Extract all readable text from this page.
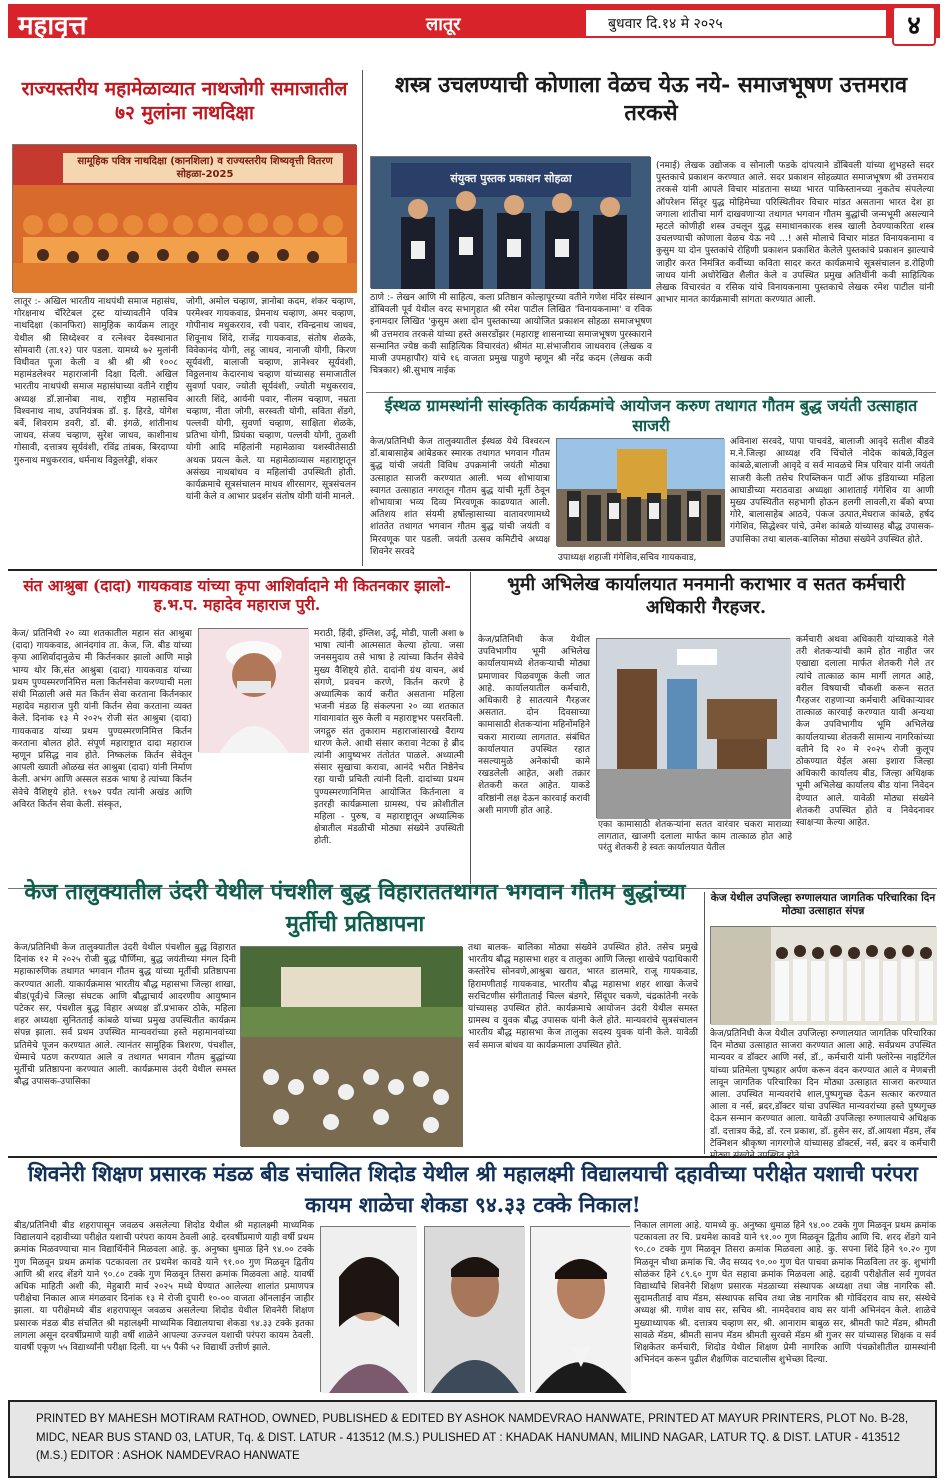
महावृत्त	लातूर	बुधवार दि.१४ मे २०२५	४
राज्यस्तरीय महामेळाव्यात नाथजोगी समाजातील ७२ मुलांना नाथदिक्षा
सामूहिक पवित्र नाथदिक्षा (कानशिला) व राज्यस्तरीय शिष्यवृत्ती वितरण सोहळा-2025
लातूर :- अखिल भारतीय नाथपंथी समाज महासंघ, गोरक्षनाथ चॅरिटेबल ट्रस्ट यांच्यावतीने पवित्र नाथदिक्षा (कानफिरा) सामुहिक कार्यक्रम लातूर येथील श्री सिध्देश्वर व रत्नेश्वर देवस्थानात सोमवारी (ता.१२) पार पडला. यामध्ये ७२ मुलांनी विधीवत पूजा केली व श्री श्री श्री १००८ महामंडलेश्वर महाराजांनी दिक्षा दिली. अखिल भारतीय नाथपंथी समाज महासंघाच्या वतीने राष्ट्रीय अध्यक्ष डॉ.ज्ञानोबा नाथ, राष्ट्रीय महासचिव विश्वनाथ नाथ, उपनियंत्रक डॉ. इ. हिरडे, योगेश बर्वे, शिवराम डवरी, डॉ. बी. इंगळे, शांतीनाथ जाधव, संजय चव्हाण, सुरेश जाधव, काशीनाथ गोसावी, दत्तात्रय सूर्यवंशी, रविंद्र तांबक, बिरदाप्पा गुरुनाथ मधुकरराव, धर्मनाथ विठ्ठलरेड्डी, शंकर
जोगी, अमोल चव्हाण, ज्ञानोबा कदम, शंकर चव्हाण, परमेश्वर गायकवाड, प्रेमनाथ चव्हाण, अमर चव्हाण, गोपीनाथ मधुकरराव, रवी पवार, रविन्द्रनाथ जाधव, शिवूनाथ शिंदे, राजेंद्र गायकवाड, संतोष शेळके, विवेकानंद योगी, लहू जाधव, नानाजी योगी, किरण सूर्यवंशी, बालाजी चव्हाण, ज्ञानेश्वर सूर्यवंशी, विठ्ठलनाथ केदारनाथ चव्हाण यांच्यासह समाजातील सुवर्णा पवार, ज्योती सूर्यवंशी, ज्योती मधुकरराव, आरती शिंदे, आर्यनी पवार, नीलम चव्हाण, नम्रता चव्हाण, नीता जोगी, सरस्वती योगी, सविता शेंडगे, पल्लवी योगी, सुवर्णा चव्हाण, साक्षिता शेळके, प्रतिभा योगी, प्रियंका चव्हाण, पल्लवी योगी, तुळशी योगी आदि महिलांनी महामेळावा यशस्वीतेसाठी अथक प्रयत्न केले. या महामेळाव्यास महाराष्ट्रातून असंख्य नाथबांधव व महिलांची उपस्थिती होती. कार्यक्रमाचे सूत्रसंचालन माधव शीरसागर, सूत्रसंचलन यांनी केले व आभार प्रदर्शन संतोष योगी यांनी मानले.
शस्त्र उचलण्याची कोणाला वेळच येऊ नये- समाजभूषण उत्तमराव तरकसे
संयुक्त पुस्तक प्रकाशन सोहळा
ठाणे :- लेखन आणि मी साहित्य, कला प्रतिष्ठान कोल्हापूरच्या वतीने गणेश मंदिर संस्थान डोंबिवली पूर्व येथील वरद सभागृहात श्री रमेश पाटील लिखित 'विनायकनामा' व रविक इनामदार लिखित 'कुसुम अशा दोन पुस्तकाच्या आयोजित प्रकाशन सोहळा समाजभूषण श्री उत्तमराव तरकसे यांच्या हस्ते असरडोंझर (महाराष्ट्र शासनाच्या समाजभूषण पुरस्काराने सन्मानित ज्येष्ठ कवी साहित्यिक विचारवंत) श्रीमंत मा.संभाजीराव जाधवराव (लेखक व माजी उपमहापौर) यांचे १६ वाजता प्रमुख पाहुणे म्हणून श्री नरेंद्र कदम (लेखक कवी चित्रकार) श्री.सुभाष नाईक
(नमाई) लेखक उद्योजक व सोनाली फडके दांपत्याने डोंबिवली यांच्या शुभहस्ते सदर पुस्तकाचे प्रकाशन करण्यात आले. सदर प्रकाशन सोहळ्यात समाजभूषण श्री उत्तमराव तरकसे यांनी आपले विचार मांडताना सध्या भारत पाकिस्तानच्या नुकतेच संपलेल्या ऑपरेशन सिंदूर युद्ध मोहिमेच्या परिस्थितीवर विचार मांडत असताना भारत देश हा जगाला शांतीचा मार्ग दाखवणाऱ्या तथागत भगवान गौतम बुद्धांची जन्मभूमी असल्याने म्हटले कोणीही शस्त्र उचलून युद्ध समाधानकारक शस्त्र खाली ठेवण्याकरिता शस्त्र उचलण्याची कोणाला वेळच येऊ नये ...! असे मोलाचे विचार मांडत विनायकनामा व कुसुम या दोन पुस्तकांचे रोहिणी प्रकाशन प्रकाशित केलेले पुस्तकांचे प्रकाशन झाल्याचे जाहीर करत निमंत्रित कवींच्या कविता सादर करत कार्यक्रमाचे सूत्रसंचालन ड.रोहिणी जाधव यांनी अधोरेखित शैलीत केले व उपस्थित प्रमुख अतिथींनी कवी साहित्यिक लेखक विचारवंत व रसिक यांचे विनायकनामा पुस्तकाचे लेखक रमेश पाटील यांनी आभार मानत कार्यक्रमाची सांगता करण्यात आली.
ईस्थळ ग्रामस्थांनी सांस्कृतिक कार्यक्रमांचे आयोजन करुण तथागत गौतम बुद्ध जयंती उत्साहात साजरी
केज/प्रतिनिधी केज तालुक्यातील ईस्थळ येथे विश्वरत्न डॉ.बाबासाहेब आंबेडकर स्मारक तथागत भगवान गौतम बुद्ध यांची जयंती विविध उपक्रमांनी जयंती मोठ्या उत्साहात साजरी करण्यात आली. भव्य शोभायात्रा स्वागत उत्साहात नगरातून गौतम बुद्ध यांची मूर्ती ठेवून शोभायात्रा भव्य दिव्य मिरवणूक काढण्यात आली. अतिशय शांत संयमी हर्षोल्हासाच्या वातावरणामध्ये शांततेत तथागत भगवान गौतम बुद्ध यांची जयंती व मिरवणूक पार पडली. जयंती उत्सव कमिटीचे अध्यक्ष शिवनेर सरवदे
उपाध्यक्ष शहाजी गंगेशिव,सचिव गायकवाड,
अविनाश सरवदे, पापा पाचवंडे, बालाजी आवृदे सतीश बीडवे म.ने.जिल्हा आध्यक्ष रवि चिंचोले नोदेक कांबळे,विठ्ठल कांबळे,बालाजी आवृदे व सर्व मावळचे मित्र परिवार यांनी जयंती साजरी केली तसेच रिपब्लिकन पार्टी ऑफ इंडियाच्या महिला आघाडीच्या मराठवाडा अध्यक्षा आशाताई गंगेशिव या आणी मुख्य उपस्थितीत सहभागी होऊन हलगी लावली,रा बँको बप्पा गोरे, बालासाहेब आठवे, पंकज उत्पात,मेघराज कांबळे, हर्षद गंगेशिव, सिद्धेश्वर पांचे, उमेश कांबळे यांच्यासह बौद्ध उपासक- उपासिका तथा बालक-बालिका मोठ्या संख्येने उपस्थित होते.
संत आश्रुबा (दादा) गायकवाड यांच्या कृपा आशिर्वादाने मी कितनकार झालो-ह.भ.प. महादेव महाराज पुरी.
केज/ प्रतिनिधी २० व्या शतकातील महान संत आश्रुबा (दादा) गायकवाड, आनंदगांव ता. केज, जि. बीड यांच्या कृपा आशिर्वादानुळेच मी किर्तनकार झालो आणि माझे भाग्य थोर कि,संत आश्रुबा (दादा) गायकवाड यांच्या प्रथम पुण्यस्मरणनिमित्त मला किर्तनसेवा करण्याची मला संधी मिळाली असे मत किर्तन सेवा करताना किर्तनकार महादेव महाराज पुरी यांनी किर्तन सेवा करताना व्यक्त केले. दिनांक १३ मे २०२५ रोजी संत आश्रुबा (दादा) गायकवाड यांच्या प्रथम पुण्यस्मरणनिमित्त किर्तन करताना बोलत होते. संपूर्ण महाराष्ट्रात दादा महाराज म्हणून प्रसिद्ध नाव होते. निष्कलंक किर्तन सेवेतून आपली ख्याती ओळख संत आश्रुबा (दादा) यांनी निर्माण केली. अभंग आणि अस्सल सडक भाषा हे त्यांच्या किर्तन सेवेचे वैशिष्ट्ये होते. १९७२ पर्यंत त्यांनी अखंड आणि अविरत किर्तन सेवा केली. संस्कृत,
मराठी, हिंदी, इंग्लिश, उर्दू, मोडी, पाली अशा ७ भाषा त्यांनी आत्मसात केल्या होत्या. जसा जनसमुदाय तसे भाषा हे त्यांच्या किर्तन सेवेचे मुख्य वैशिष्ट्ये होते. दादांनी ग्रंथ वाचन, अर्थ संगणे, प्रवचन करणे, किर्तन करणे हे अध्यात्मिक कार्य करीत असताना महिला भजनी मंडळ हि संकल्पना २० व्या शतकात गांवागावांत सुरु केली व महाराष्ट्रभर पसरविली. जगद्गुरु संत तुकाराम महाराजांसारखे वैराग्य धारण केले. आधी संसार करावा नेटका हे ब्रीद त्यांनी आयुष्यभर तंतोतंत पाळले. अध्यात्मी संसार सुखाचा करावा, आनंदे भरीत निष्ठेनेच रहा याची प्रचिती त्यांनी दिली. दादांच्या प्रथम पुण्यस्मरणानिमित्त आयोजित किर्तनाला व इतरही कार्यक्रमाला ग्रामस्थ, पंच क्रोशीतील महिला - पुरुष, व महाराष्ट्रातून अध्यात्मिक क्षेत्रातील मंडळीची मोठ्या संख्येने उपस्थिती होती.
भुमी अभिलेख कार्यालयात मनमानी कराभार व सतत कर्मचारी अधिकारी गैरहजर.
केज/प्रतिनिधी केज येथील उपविभागीय भूमी अभिलेख कार्यालयामध्ये शेतकऱ्याची मोठ्या प्रमाणावर पिळवणूक केली जात आहे. कार्यालयातील कर्मचारी, अधिकारी हे सातत्याने गैरहजर असतात. दोन दिवसाच्या कामासाठी शेतकऱ्यांना महिनोंमहिने चकरा माराव्या लागतात. संबंधित कार्यालयात उपस्थित रहात नसल्यामुळे अनेकांची कामे रखडलेली आहेत, अशी तक्रार शेतकरी करत आहेत. याकडे वरिष्ठांनी लक्ष देऊन कारवाई करावी अशी मागणी होत आहे.
एका कामासाठी शेतकऱ्यांना सतत वारंवार चकरा माराव्या लागतात, खाजगी दलाला मार्फत काम तात्काळ होत आहे परंतु शेतकरी हे स्वतः कार्यालयात येतील
कर्मचारी अथवा अधिकारी यांच्याकडे गेले तरी शेतकऱ्यांची कामे होत नाहीत जर एखाद्या दलाला मार्फत शेतकरी गेले तर त्यांचे तात्काळ काम मार्गी लागत आहे, वरील विषयाची चौकशी करून सतत गैरहजर राहणाऱ्या कर्मचारी अधिकाऱ्यावर तात्काळ कारवाई करण्यात यावी अन्यथा केज उपविभागीय भूमि अभिलेख कार्यालयाच्या शेतकरी सामान्य नागरिकांच्या वतीने दि २० मे २०२५ रोजी कुलूप ठोकण्यात येईल असा इशारा जिल्हा अधिकारी कार्यालय बीड, जिल्हा अधिक्षक भूमी अभिलेख कार्यालय बीड यांना निवेदन देण्यात आले. यावेळी मोठ्या संख्येने शेतकरी उपस्थित होते व निवेदनावर स्वाक्षऱ्या केल्या आहेत.
केज तालुक्यातील उंदरी येथील पंचशील बुद्ध विहाराततथागत भगवान गौतम बुद्धांच्या मुर्तीची प्रतिष्ठापना
केज/प्रतिनिधी केज तालुक्यातील उंदरी येथील पंचशील बुद्ध विहारात दिनांक १२ मे २०२५ रोजी बुद्ध पौर्णिमा, बुद्ध जयंतीच्या मंगल दिनी महाकारुणिक तथागत भगवान गौतम बुद्ध यांच्या मूर्तीची प्रतिष्ठापना करण्यात आली. याकार्यक्रमास भारतीय बौद्ध महासभा जिल्हा शाखा, बीड(पूर्व)चे जिल्हा संघटक आणि बौद्धाचार्य आदरणीय आयुष्मान पटेकर सर, पंचशील बुद्ध विहार अध्यक्ष डॉ.प्रभाकर ठोके, महिला शहर अध्यक्षा सुनितताई कांबळे यांच्या प्रमुख उपस्थितीत कार्यक्रम संपन्न झाला. सर्व प्रथम उपस्थित मान्यवरांच्या हस्ते महामानवांच्या प्रतिमेचे पूजन करण्यात आले. त्यानंतर सामुहिक त्रिशरण, पंचशील, धेम्माचे पठण करण्यात आले व तथागत भगवान गौतम बुद्धांच्या मूर्तीची प्रतिष्ठापना करण्यात आली. कार्यक्रमास उंदरी येथील समस्त बौद्ध उपासक-उपासिका
तथा बालक- बालिका मोठ्या संख्येने उपस्थित होते. तसेच प्रमुखे भारतीय बौद्ध महासभा शहर व तालुका आणि जिल्हा शाखेचे पदाधिकारी कस्तोरेच सोनवणे,आश्रुबा खरात, भारत डालमारे, राजू गायकवाड, हिरामणीताई गायकवाड, भारतीय बौद्ध महासभा शहर शाखा केजचे सरचिटणीस संगीताताई चिल्ल बंडगरे, सिंदूपर चकणे, चंद्रकांतेनी नरके यांच्यासह उपस्थित होते. कार्यक्रमाचे आयोजन उंदरी येथील समस्त ग्रामस्थ व युवक बौद्ध उपासक यांनी केले होते. मान्यवरांचे सुत्रसंचालन भारतीय बौद्ध महासभा केज तालुका सदस्य युवक यांनी केले. यावेळी सर्व समाज बांधव या कार्यक्रमाला उपस्थित होते.
केज येथील उपजिल्हा रुग्णालयात जागतिक परिचारिका दिन मोठ्या उत्साहात संपन्न
केज/प्रतिनिधी केज येथील उपजिल्हा रुग्णालयात जागतिक परिचारिका दिन मोठ्या उत्साहात साजरा करण्यात आला आहे. सर्वप्रथम उपस्थित मान्यवर व डॉक्टर आणि नर्स, डॉ., कर्मचारी यांनी फ्लोरेन्स नाइटिंगेल यांच्या प्रतिमेला पुष्पहार अर्पण करून वंदन करण्यात आले व मेणबत्ती लावून जागतिक परिचारिका दिन मोठ्या उत्साहात साजरा करण्यात आला. उपस्थित मान्यवरांचे शाल,पुष्पगुच्छ देऊन सत्कार करण्यात आला व नर्स, ब्रदर,डॉक्टर यांचा उपस्थित मान्यवरांच्या हस्ते पुष्पगुच्छ देऊन सन्मान करण्यात आला. यावेळी उपजिल्हा रुग्णालयाचे अधिक्षक डॉ. दत्तात्रय केंद्रे, डॉ. रत्न प्रकाश, डॉ. हुसेन सर, डॉ.आयशा मॅडम, लॅब टेक्निशन श्रीकृष्ण नागरगोजे यांच्यासह डॉक्टर्स, नर्स, ब्रदर व कर्मचारी
शिवनेरी शिक्षण प्रसारक मंडळ बीड संचालित शिदोड येथील श्री महालक्ष्मी विद्यालयाची दहावीच्या परीक्षेत यशाची परंपरा कायम शाळेचा शेकडा ९४.३३ टक्के निकाल!
बीड/प्रतिनिधी बीड शहरापासून जवळच असलेल्या शिदोड येथील श्री महालक्ष्मी माध्यमिक विद्यालयाने दहावीच्या परीक्षेत यशाची परंपरा कायम ठेवली आहे. दरवर्षीप्रमाणे याही वर्षी प्रथम क्रमांक मिळवण्याचा मान विद्यार्थिनीने मिळवला आहे. कु. अनुष्का धुमाळ हिने ९४.०० टक्के गुण मिळवून प्रथम क्रमांक पटकावला तर प्रथमेश कावडे याने ९१.०० गुण मिळवून द्वितीय आणि श्री शरद शेंडगे याने ९०.८० टक्के गुण मिळवून तिसरा क्रमांक मिळवला आहे. यावर्षी अधिक माहिती अशी की, मेहुबारी मार्च २०२५ मध्ये घेण्यात आलेल्या शालांत प्रमाणपत्र परीक्षेचा निकाल आज मंगळवार दिनांक १३ मे रोजी दुपारी १०-०० वाजता ऑनलाईन जाहीर झाला. या परीक्षेमध्ये बीड शहरापासून जवळच असलेल्या शिदोड येथील शिवनेरी शिक्षण प्रसारक मंडळ बीड संचलित श्री महालक्ष्मी माध्यमिक विद्यालयाचा शेकडा ९४.३३ टक्के इतका लागला असून दरवर्षीप्रमाणे याही वर्षी शाळेने आपल्या उज्ज्वल यशाची परंपरा कायम ठेवली. यावर्षी एकूण ५५ विद्यार्थ्यांनी परीक्षा दिली. या ५५ पैकी ५२ विद्यार्थी उत्तीर्ण झाले.
निकाल लागला आहे. यामध्ये कु. अनुष्का धुमाळ हिने ९४.०० टक्के गुण मिळवून प्रथम क्रमांक पटकावला तर चि. प्रथमेश कावडे याने ९१.०० गुण मिळवून द्वितीय आणि चि. शरद शेंडगे याने ९०.८० टक्के गुण मिळवून तिसरा क्रमांक मिळवला आहे. कु. सपना शिंदे हिने ९०.२० गुण मिळवून चौथा क्रमांक चि. जैद सय्यद ९०.०० गुण घेत पाचवा क्रमांक मिळविला तर कु. शुभांगी सोळंकर हिने ८९.६० गुण घेत सहावा क्रमांक मिळवला आहे. दहावी परीक्षेतील सर्व गुणवंत विद्यार्थ्यांचे शिवनेरी शिक्षण प्रसारक मंडळाच्या संस्थापक अध्यक्षा तथा जेष्ठ नागरिक सौ. सुदामतीताई वाघ मॅडम, संस्थापक सचिव तथा जेष्ठ नागरिक श्री गोविंदराव वाघ सर, संस्थेचे अध्यक्ष श्री. गणेश वाघ सर, सचिव श्री. नामदेवराव वाघ सर यांनी अभिनंदन केले. शाळेचे मुख्याध्यापक श्री. दत्तात्रय चव्हाण सर, श्री. आनाराम बाबुळ सर, श्रीमती फाटे मॅडम, श्रीमती सावळे मॅडम, श्रीमती सानप मॅडम श्रीमती सुरवसे मॅडम श्री गुजर सर यांच्यासह शिक्षक व सर्व शिक्षकेतर कर्मचारी, शिदोड येथील शिक्षण प्रेमी नागरिक आणि पंचक्रोशीतील ग्रामस्थांनी अभिनंदन करून पुढील शैक्षणिक वाटचालीस शुभेच्छा दिल्या.
PRINTED BY MAHESH MOTIRAM RATHOD, OWNED, PUBLISHED & EDITED BY ASHOK NAMDEVRAO HANWATE, PRINTED AT MAYUR PRINTERS, PLOT No. B-28, MIDC, NEAR BUS STAND 03, LATUR, Tq. & DIST. LATUR - 413512 (M.S.) PULISHED AT : KHADAK HANUMAN, MILIND NAGAR, LATUR TQ. & DIST. LATUR - 413512 (M.S.) EDITOR : ASHOK NAMDEVRAO HANWATE
